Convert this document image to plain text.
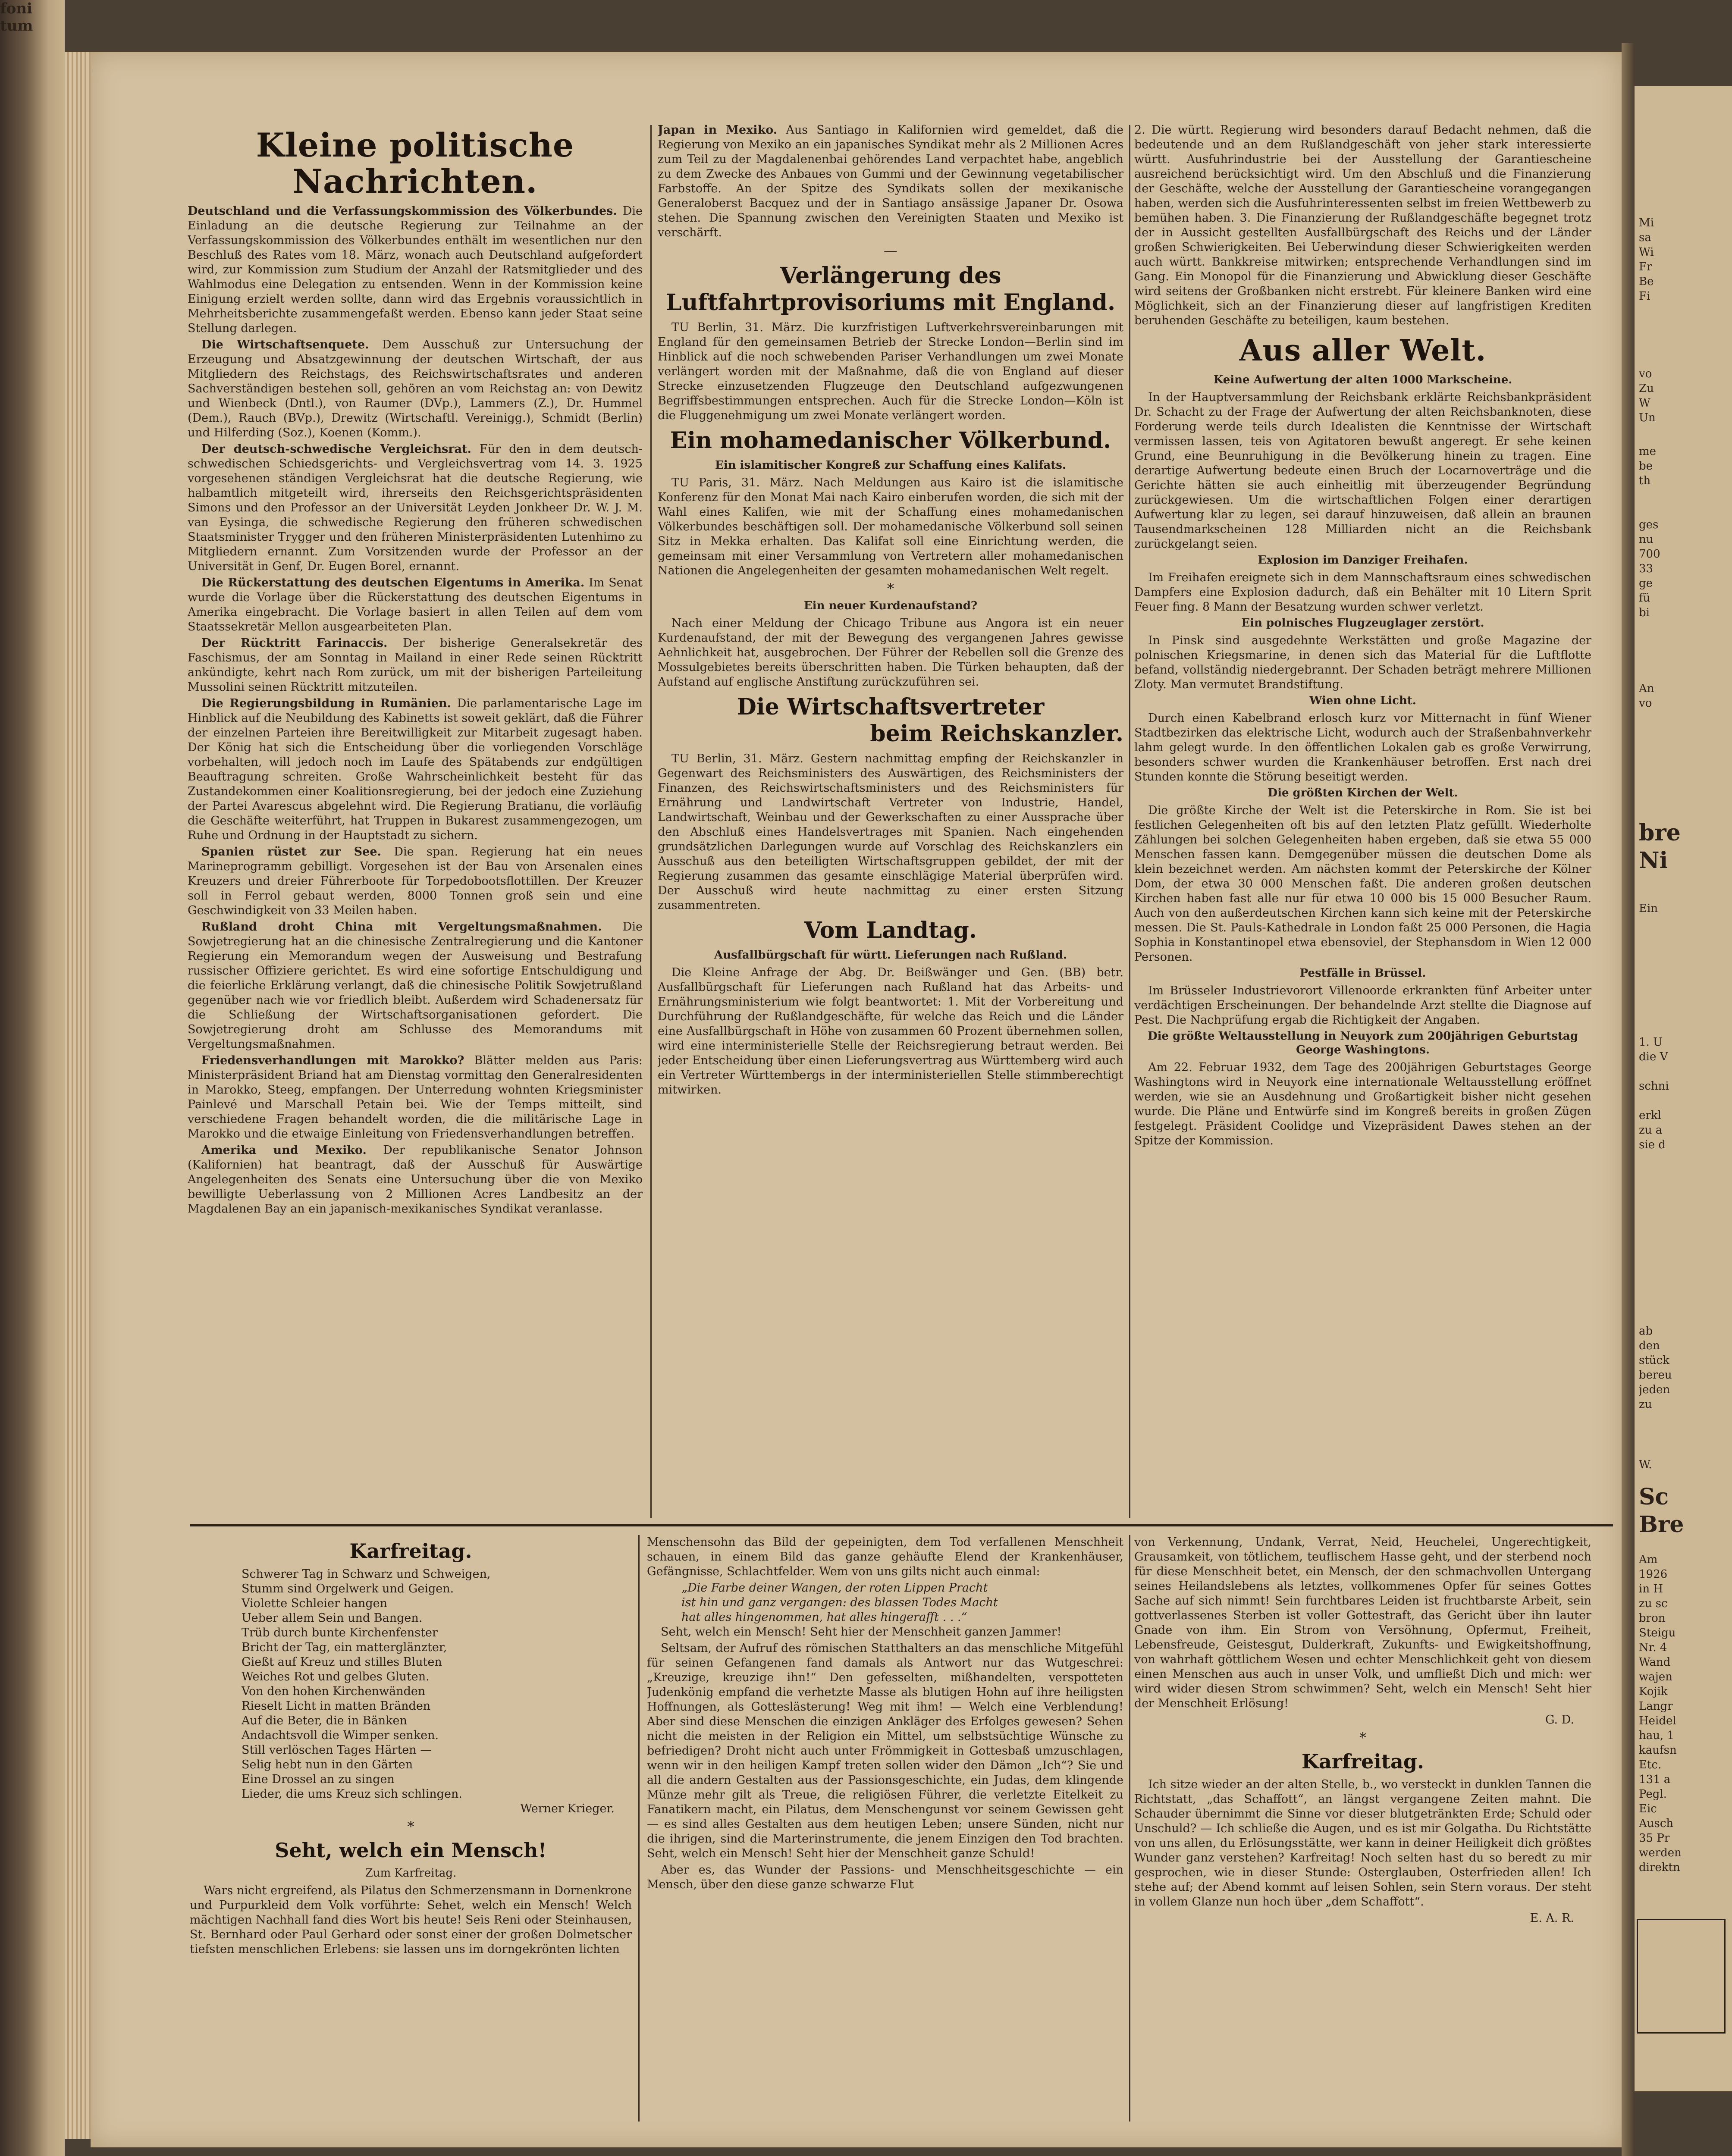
Kleine politische Nachrichten.

Deutschland und die Verfassungskommission des Völkerbundes. Die Einladung an die deutsche Regierung zur Teilnahme an der Verfassungskommission des Völkerbundes enthält im wesentlichen nur den Beschluß des Rates vom 18. März, wonach auch Deutschland aufgefordert wird, zur Kommission zum Studium der Anzahl der Ratsmitglieder und des Wahlmodus eine Delegation zu entsenden. Wenn in der Kommission keine Einigung erzielt werden sollte, dann wird das Ergebnis voraussichtlich in Mehrheitsberichte zusammengefaßt werden. Ebenso kann jeder Staat seine Stellung darlegen.

Die Wirtschaftsenquete. Dem Ausschuß zur Untersuchung der Erzeugung und Absatzgewinnung der deutschen Wirtschaft, der aus Mitgliedern des Reichstags, des Reichswirtschaftsrates und anderen Sachverständigen bestehen soll, gehören an vom Reichstag an: von Dewitz und Wienbeck (Dntl.), von Raumer (DVp.), Lammers (Z.), Dr. Hummel (Dem.), Rauch (BVp.), Drewitz (Wirtschaftl. Vereinigg.), Schmidt (Berlin) und Hilferding (Soz.), Koenen (Komm.).

Der deutsch-schwedische Vergleichsrat. Für den in dem deutsch-schwedischen Schiedsgerichts- und Vergleichsvertrag vom 14. 3. 1925 vorgesehenen ständigen Vergleichsrat hat die deutsche Regierung, wie halbamtlich mitgeteilt wird, ihrerseits den Reichsgerichtspräsidenten Simons und den Professor an der Universität Leyden Jonkheer Dr. W. J. M. van Eysinga, die schwedische Regierung den früheren schwedischen Staatsminister Trygger und den früheren Ministerpräsidenten Lutenhimo zu Mitgliedern ernannt. Zum Vorsitzenden wurde der Professor an der Universität in Genf, Dr. Eugen Borel, ernannt.

Die Rückerstattung des deutschen Eigentums in Amerika. Im Senat wurde die Vorlage über die Rückerstattung des deutschen Eigentums in Amerika eingebracht. Die Vorlage basiert in allen Teilen auf dem vom Staatssekretär Mellon ausgearbeiteten Plan.

Der Rücktritt Farinaccis. Der bisherige Generalsekretär des Faschismus, der am Sonntag in Mailand in einer Rede seinen Rücktritt ankündigte, kehrt nach Rom zurück, um mit der bisherigen Parteileitung Mussolini seinen Rücktritt mitzuteilen.

Die Regierungsbildung in Rumänien. Die parlamentarische Lage im Hinblick auf die Neubildung des Kabinetts ist soweit geklärt, daß die Führer der einzelnen Parteien ihre Bereitwilligkeit zur Mitarbeit zugesagt haben. Der König hat sich die Entscheidung über die vorliegenden Vorschläge vorbehalten, will jedoch noch im Laufe des Spätabends zur endgültigen Beauftragung schreiten. Große Wahrscheinlichkeit besteht für das Zustandekommen einer Koalitionsregierung, bei der jedoch eine Zuziehung der Partei Avarescus abgelehnt wird. Die Regierung Bratianu, die vorläufig die Geschäfte weiterführt, hat Truppen in Bukarest zusammengezogen, um Ruhe und Ordnung in der Hauptstadt zu sichern.

Spanien rüstet zur See. Die span. Regierung hat ein neues Marineprogramm gebilligt. Vorgesehen ist der Bau von Arsenalen eines Kreuzers und dreier Führerboote für Torpedobootsflottillen. Der Kreuzer soll in Ferrol gebaut werden, 8000 Tonnen groß sein und eine Geschwindigkeit von 33 Meilen haben.

Rußland droht China mit Vergeltungsmaßnahmen. Die Sowjetregierung hat an die chinesische Zentralregierung und die Kantoner Regierung ein Memorandum wegen der Ausweisung und Bestrafung russischer Offiziere gerichtet. Es wird eine sofortige Entschuldigung und die feierliche Erklärung verlangt, daß die chinesische Politik Sowjetrußland gegenüber nach wie vor friedlich bleibt. Außerdem wird Schadenersatz für die Schließung der Wirtschaftsorganisationen gefordert. Die Sowjetregierung droht am Schlusse des Memorandums mit Vergeltungsmaßnahmen.

Friedensverhandlungen mit Marokko? Blätter melden aus Paris: Ministerpräsident Briand hat am Dienstag vormittag den Generalresidenten in Marokko, Steeg, empfangen. Der Unterredung wohnten Kriegsminister Painlevé und Marschall Petain bei. Wie der Temps mitteilt, sind verschiedene Fragen behandelt worden, die die militärische Lage in Marokko und die etwaige Einleitung von Friedensverhandlungen betreffen.

Amerika und Mexiko. Der republikanische Senator Johnson (Kalifornien) hat beantragt, daß der Ausschuß für Auswärtige Angelegenheiten des Senats eine Untersuchung über die von Mexiko bewilligte Ueberlassung von 2 Millionen Acres Landbesitz an der Magdalenen Bay an ein japanisch-mexikanisches Syndikat veranlasse.

Japan in Mexiko. Aus Santiago in Kalifornien wird gemeldet, daß die Regierung von Mexiko an ein japanisches Syndikat mehr als 2 Millionen Acres zum Teil zu der Magdalenenbai gehörendes Land verpachtet habe, angeblich zu dem Zwecke des Anbaues von Gummi und der Gewinnung vegetabilischer Farbstoffe. An der Spitze des Syndikats sollen der mexikanische Generaloberst Bacquez und der in Santiago ansässige Japaner Dr. Osowa stehen. Die Spannung zwischen den Vereinigten Staaten und Mexiko ist verschärft.

—
Verlängerung des Luftfahrtprovisoriums mit England.

TU Berlin, 31. März. Die kurzfristigen Luftverkehrsvereinbarungen mit England für den gemeinsamen Betrieb der Strecke London—Berlin sind im Hinblick auf die noch schwebenden Pariser Verhandlungen um zwei Monate verlängert worden mit der Maßnahme, daß die von England auf dieser Strecke einzusetzenden Flugzeuge den Deutschland aufgezwungenen Begriffsbestimmungen entsprechen. Auch für die Strecke London—Köln ist die Fluggenehmigung um zwei Monate verlängert worden.

Ein mohamedanischer Völkerbund.
Ein islamitischer Kongreß zur Schaffung eines Kalifats.

TU Paris, 31. März. Nach Meldungen aus Kairo ist die islamitische Konferenz für den Monat Mai nach Kairo einberufen worden, die sich mit der Wahl eines Kalifen, wie mit der Schaffung eines mohamedanischen Völkerbundes beschäftigen soll. Der mohamedanische Völkerbund soll seinen Sitz in Mekka erhalten. Das Kalifat soll eine Einrichtung werden, die gemeinsam mit einer Versammlung von Vertretern aller mohamedanischen Nationen die Angelegenheiten der gesamten mohamedanischen Welt regelt.

*
Ein neuer Kurdenaufstand?

Nach einer Meldung der Chicago Tribune aus Angora ist ein neuer Kurdenaufstand, der mit der Bewegung des vergangenen Jahres gewisse Aehnlichkeit hat, ausgebrochen. Der Führer der Rebellen soll die Grenze des Mossulgebietes bereits überschritten haben. Die Türken behaupten, daß der Aufstand auf englische Anstiftung zurückzuführen sei.

Die Wirtschaftsvertreter
beim Reichskanzler.

TU Berlin, 31. März. Gestern nachmittag empfing der Reichskanzler in Gegenwart des Reichsministers des Auswärtigen, des Reichsministers der Finanzen, des Reichswirtschaftsministers und des Reichsministers für Ernährung und Landwirtschaft Vertreter von Industrie, Handel, Landwirtschaft, Weinbau und der Gewerkschaften zu einer Aussprache über den Abschluß eines Handelsvertrages mit Spanien. Nach eingehenden grundsätzlichen Darlegungen wurde auf Vorschlag des Reichskanzlers ein Ausschuß aus den beteiligten Wirtschaftsgruppen gebildet, der mit der Regierung zusammen das gesamte einschlägige Material überprüfen wird. Der Ausschuß wird heute nachmittag zu einer ersten Sitzung zusammentreten.

Vom Landtag.
Ausfallbürgschaft für württ. Lieferungen nach Rußland.

Die Kleine Anfrage der Abg. Dr. Beißwänger und Gen. (BB) betr. Ausfallbürgschaft für Lieferungen nach Rußland hat das Arbeits- und Ernährungsministerium wie folgt beantwortet: 1. Mit der Vorbereitung und Durchführung der Rußlandgeschäfte, für welche das Reich und die Länder eine Ausfallbürgschaft in Höhe von zusammen 60 Prozent übernehmen sollen, wird eine interministerielle Stelle der Reichsregierung betraut werden. Bei jeder Entscheidung über einen Lieferungsvertrag aus Württemberg wird auch ein Vertreter Württembergs in der interministeriellen Stelle stimmberechtigt mitwirken.

2. Die württ. Regierung wird besonders darauf Bedacht nehmen, daß die bedeutende und an dem Rußlandgeschäft von jeher stark interessierte württ. Ausfuhrindustrie bei der Ausstellung der Garantiescheine ausreichend berücksichtigt wird. Um den Abschluß und die Finanzierung der Geschäfte, welche der Ausstellung der Garantiescheine vorangegangen haben, werden sich die Ausfuhrinteressenten selbst im freien Wettbewerb zu bemühen haben. 3. Die Finanzierung der Rußlandgeschäfte begegnet trotz der in Aussicht gestellten Ausfallbürgschaft des Reichs und der Länder großen Schwierigkeiten. Bei Ueberwindung dieser Schwierigkeiten werden auch württ. Bankkreise mitwirken; entsprechende Verhandlungen sind im Gang. Ein Monopol für die Finanzierung und Abwicklung dieser Geschäfte wird seitens der Großbanken nicht erstrebt. Für kleinere Banken wird eine Möglichkeit, sich an der Finanzierung dieser auf langfristigen Krediten beruhenden Geschäfte zu beteiligen, kaum bestehen.

Aus aller Welt.
Keine Aufwertung der alten 1000 Markscheine.

In der Hauptversammlung der Reichsbank erklärte Reichsbankpräsident Dr. Schacht zu der Frage der Aufwertung der alten Reichsbanknoten, diese Forderung werde teils durch Idealisten die Kenntnisse der Wirtschaft vermissen lassen, teis von Agitatoren bewußt angeregt. Er sehe keinen Grund, eine Beunruhigung in die Bevölkerung hinein zu tragen. Eine derartige Aufwertung bedeute einen Bruch der Locarnoverträge und die Gerichte hätten sie auch einheitlig mit überzeugender Begründung zurückgewiesen. Um die wirtschaftlichen Folgen einer derartigen Aufwertung klar zu legen, sei darauf hinzuweisen, daß allein an braunen Tausendmarkscheinen 128 Milliarden nicht an die Reichsbank zurückgelangt seien.

Explosion im Danziger Freihafen.

Im Freihafen ereignete sich in dem Mannschaftsraum eines schwedischen Dampfers eine Explosion dadurch, daß ein Behälter mit 10 Litern Sprit Feuer fing. 8 Mann der Besatzung wurden schwer verletzt.

Ein polnisches Flugzeuglager zerstört.

In Pinsk sind ausgedehnte Werkstätten und große Magazine der polnischen Kriegsmarine, in denen sich das Material für die Luftflotte befand, vollständig niedergebrannt. Der Schaden beträgt mehrere Millionen Zloty. Man vermutet Brandstiftung.

Wien ohne Licht.

Durch einen Kabelbrand erlosch kurz vor Mitternacht in fünf Wiener Stadtbezirken das elektrische Licht, wodurch auch der Straßenbahnverkehr lahm gelegt wurde. In den öffentlichen Lokalen gab es große Verwirrung, besonders schwer wurden die Krankenhäuser betroffen. Erst nach drei Stunden konnte die Störung beseitigt werden.

Die größten Kirchen der Welt.

Die größte Kirche der Welt ist die Peterskirche in Rom. Sie ist bei festlichen Gelegenheiten oft bis auf den letzten Platz gefüllt. Wiederholte Zählungen bei solchen Gelegenheiten haben ergeben, daß sie etwa 55 000 Menschen fassen kann. Demgegenüber müssen die deutschen Dome als klein bezeichnet werden. Am nächsten kommt der Peterskirche der Kölner Dom, der etwa 30 000 Menschen faßt. Die anderen großen deutschen Kirchen haben fast alle nur für etwa 10 000 bis 15 000 Besucher Raum. Auch von den außerdeutschen Kirchen kann sich keine mit der Peterskirche messen. Die St. Pauls-Kathedrale in London faßt 25 000 Personen, die Hagia Sophia in Konstantinopel etwa ebensoviel, der Stephansdom in Wien 12 000 Personen.

Pestfälle in Brüssel.

Im Brüsseler Industrievorort Villenoorde erkrankten fünf Arbeiter unter verdächtigen Erscheinungen. Der behandelnde Arzt stellte die Diagnose auf Pest. Die Nachprüfung ergab die Richtigkeit der Angaben.

Die größte Weltausstellung in Neuyork zum 200jährigen Geburtstag George Washingtons.

Am 22. Februar 1932, dem Tage des 200jährigen Geburtstages George Washingtons wird in Neuyork eine internationale Weltausstellung eröffnet werden, wie sie an Ausdehnung und Großartigkeit bisher nicht gesehen wurde. Die Pläne und Entwürfe sind im Kongreß bereits in großen Zügen festgelegt. Präsident Coolidge und Vizepräsident Dawes stehen an der Spitze der Kommission.

Karfreitag.
Schwerer Tag in Schwarz und Schweigen,
Stumm sind Orgelwerk und Geigen.
Violette Schleier hangen
Ueber allem Sein und Bangen.
Trüb durch bunte Kirchenfenster
Bricht der Tag, ein matterglänzter,
Gießt auf Kreuz und stilles Bluten
Weiches Rot und gelbes Gluten.
Von den hohen Kirchenwänden
Rieselt Licht in matten Bränden
Auf die Beter, die in Bänken
Andachtsvoll die Wimper senken.
Still verlöschen Tages Härten —
Selig hebt nun in den Gärten
Eine Drossel an zu singen
Lieder, die ums Kreuz sich schlingen.
Werner Krieger.
*
Seht, welch ein Mensch!
Zum Karfreitag.

Wars nicht ergreifend, als Pilatus den Schmerzensmann in Dornenkrone und Purpurkleid dem Volk vorführte: Sehet, welch ein Mensch! Welch mächtigen Nachhall fand dies Wort bis heute! Seis Reni oder Steinhausen, St. Bernhard oder Paul Gerhard oder sonst einer der großen Dolmetscher tiefsten menschlichen Erlebens: sie lassen uns im dorngekrönten lichten

Menschensohn das Bild der gepeinigten, dem Tod verfallenen Menschheit schauen, in einem Bild das ganze gehäufte Elend der Krankenhäuser, Gefängnisse, Schlachtfelder. Wem von uns gilts nicht auch einmal:

„Die Farbe deiner Wangen, der roten Lippen Pracht
ist hin und ganz vergangen: des blassen Todes Macht
hat alles hingenommen, hat alles hingerafft . . .“

Seht, welch ein Mensch! Seht hier der Menschheit ganzen Jammer!

Seltsam, der Aufruf des römischen Statthalters an das menschliche Mitgefühl für seinen Gefangenen fand damals als Antwort nur das Wutgeschrei: „Kreuzige, kreuzige ihn!“ Den gefesselten, mißhandelten, verspotteten Judenkönig empfand die verhetzte Masse als blutigen Hohn auf ihre heiligsten Hoffnungen, als Gotteslästerung! Weg mit ihm! — Welch eine Verblendung! Aber sind diese Menschen die einzigen Ankläger des Erfolges gewesen? Sehen nicht die meisten in der Religion ein Mittel, um selbstsüchtige Wünsche zu befriedigen? Droht nicht auch unter Frömmigkeit in Gottesbaß umzuschlagen, wenn wir in den heiligen Kampf treten sollen wider den Dämon „Ich“? Sie und all die andern Gestalten aus der Passionsgeschichte, ein Judas, dem klingende Münze mehr gilt als Treue, die religiösen Führer, die verletzte Eitelkeit zu Fanatikern macht, ein Pilatus, dem Menschengunst vor seinem Gewissen geht — es sind alles Gestalten aus dem heutigen Leben; unsere Sünden, nicht nur die ihrigen, sind die Marterinstrumente, die jenem Einzigen den Tod brachten. Seht, welch ein Mensch! Seht hier der Menschheit ganze Schuld!

Aber es, das Wunder der Passions- und Menschheitsgeschichte — ein Mensch, über den diese ganze schwarze Flut

von Verkennung, Undank, Verrat, Neid, Heuchelei, Ungerechtigkeit, Grausamkeit, von tötlichem, teuflischem Hasse geht, und der sterbend noch für diese Menschheit betet, ein Mensch, der den schmachvollen Untergang seines Heilandslebens als letztes, vollkommenes Opfer für seines Gottes Sache auf sich nimmt! Sein furchtbares Leiden ist fruchtbarste Arbeit, sein gottverlassenes Sterben ist voller Gottestraft, das Gericht über ihn lauter Gnade von ihm. Ein Strom von Versöhnung, Opfermut, Freiheit, Lebensfreude, Geistesgut, Dulderkraft, Zukunfts- und Ewigkeitshoffnung, von wahrhaft göttlichem Wesen und echter Menschlichkeit geht von diesem einen Menschen aus auch in unser Volk, und umfließt Dich und mich: wer wird wider diesen Strom schwimmen? Seht, welch ein Mensch! Seht hier der Menschheit Erlösung!

G. D.
*
Karfreitag.

Ich sitze wieder an der alten Stelle, b., wo versteckt in dunklen Tannen die Richtstatt, „das Schaffott“, an längst vergangene Zeiten mahnt. Die Schauder übernimmt die Sinne vor dieser blutgetränkten Erde; Schuld oder Unschuld? — Ich schließe die Augen, und es ist mir Golgatha. Du Richtstätte von uns allen, du Erlösungsstätte, wer kann in deiner Heiligkeit dich größtes Wunder ganz verstehen? Karfreitag! Noch selten hast du so beredt zu mir gesprochen, wie in dieser Stunde: Osterglauben, Osterfrieden allen! Ich stehe auf; der Abend kommt auf leisen Sohlen, sein Stern voraus. Der steht in vollem Glanze nun hoch über „dem Schaffott“.

E. A. R.
Mi
sa
Wi
Fr
Be
Fi
vo
Zu
W
Un
me
be
th
ges
nu
700
33
ge
fü
bi
An
vo
bre
Ni
Ein
1. U
die V

schni

erkl
zu a
sie d
foni
tum
ab
den
stück
bereu
jeden
zu
W.
Sc
Bre
Am
1926
in H
zu sc
bron
Steigu
Nr. 4
Wand
wajen
Kojik
Langr
Heidel
hau, 1
kaufsn
Etc.
131 a
Pegl.
Eic
Ausch
35 Pr
werden
direktn
